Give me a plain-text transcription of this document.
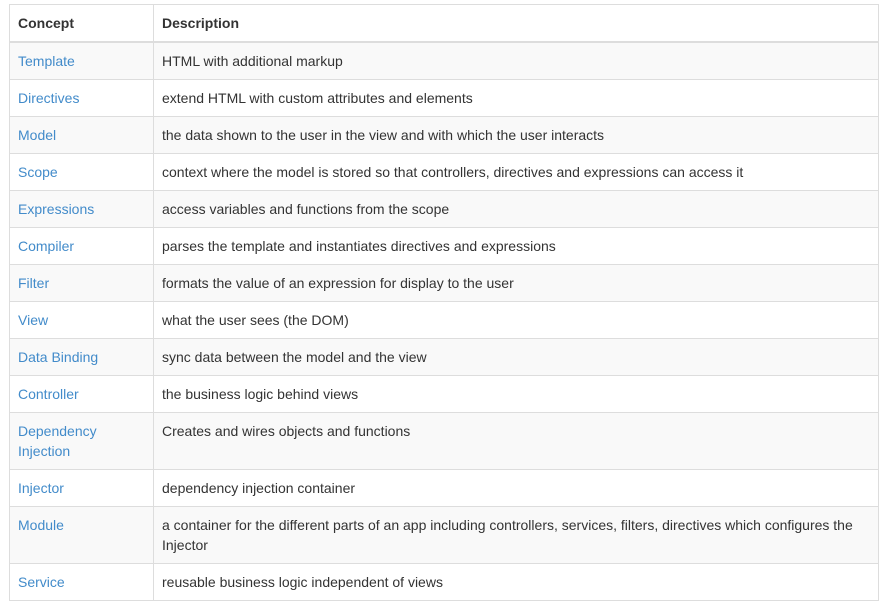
Concept	Description
Template	HTML with additional markup
Directives	extend HTML with custom attributes and elements
Model	the data shown to the user in the view and with which the user interacts
Scope	context where the model is stored so that controllers, directives and expressions can access it
Expressions	access variables and functions from the scope
Compiler	parses the template and instantiates directives and expressions
Filter	formats the value of an expression for display to the user
View	what the user sees (the DOM)
Data Binding	sync data between the model and the view
Controller	the business logic behind views
Dependency Injection	Creates and wires objects and functions
Injector	dependency injection container
Module	a container for the different parts of an app including controllers, services, filters, directives which configures the Injector
Service	reusable business logic independent of views
